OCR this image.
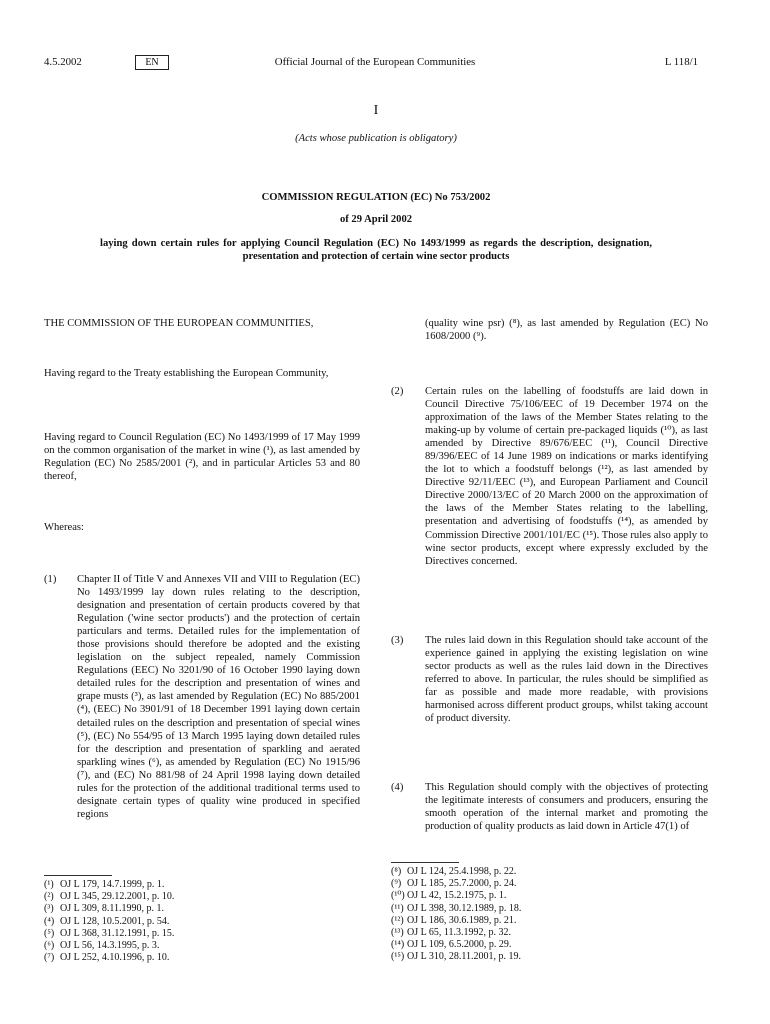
4.5.2002	EN	Official Journal of the European Communities	L 118/1
I
(Acts whose publication is obligatory)
COMMISSION REGULATION (EC) No 753/2002
of 29 April 2002
laying down certain rules for applying Council Regulation (EC) No 1493/1999 as regards the description, designation, presentation and protection of certain wine sector products
THE COMMISSION OF THE EUROPEAN COMMUNITIES,
Having regard to the Treaty establishing the European Community,
Having regard to Council Regulation (EC) No 1493/1999 of 17 May 1999 on the common organisation of the market in wine (¹), as last amended by Regulation (EC) No 2585/2001 (²), and in particular Articles 53 and 80 thereof,
Whereas:
(1) Chapter II of Title V and Annexes VII and VIII to Regulation (EC) No 1493/1999 lay down rules relating to the description, designation and presentation of certain products covered by that Regulation ('wine sector products') and the protection of certain particulars and terms. Detailed rules for the implementation of those provisions should therefore be adopted and the existing legislation on the subject repealed, namely Commission Regulations (EEC) No 3201/90 of 16 October 1990 laying down detailed rules for the description and presentation of wines and grape musts (³), as last amended by Regulation (EC) No 885/2001 (⁴), (EEC) No 3901/91 of 18 December 1991 laying down certain detailed rules on the description and presentation of special wines (⁵), (EC) No 554/95 of 13 March 1995 laying down detailed rules for the description and presentation of sparkling and aerated sparkling wines (⁶), as amended by Regulation (EC) No 1915/96 (⁷), and (EC) No 881/98 of 24 April 1998 laying down detailed rules for the protection of the additional traditional terms used to designate certain types of quality wine produced in specified regions
(quality wine psr) (⁸), as last amended by Regulation (EC) No 1608/2000 (⁹).
(2) Certain rules on the labelling of foodstuffs are laid down in Council Directive 75/106/EEC of 19 December 1974 on the approximation of the laws of the Member States relating to the making-up by volume of certain pre-packaged liquids (¹⁰), as last amended by Directive 89/676/EEC (¹¹), Council Directive 89/396/EEC of 14 June 1989 on indications or marks identifying the lot to which a foodstuff belongs (¹²), as last amended by Directive 92/11/EEC (¹³), and European Parliament and Council Directive 2000/13/EC of 20 March 2000 on the approximation of the laws of the Member States relating to the labelling, presentation and advertising of foodstuffs (¹⁴), as amended by Commission Directive 2001/101/EC (¹⁵). Those rules also apply to wine sector products, except where expressly excluded by the Directives concerned.
(3) The rules laid down in this Regulation should take account of the experience gained in applying the existing legislation on wine sector products as well as the rules laid down in the Directives referred to above. In particular, the rules should be simplified as far as possible and made more readable, with provisions harmonised across different product groups, whilst taking account of product diversity.
(4) This Regulation should comply with the objectives of protecting the legitimate interests of consumers and producers, ensuring the smooth operation of the internal market and promoting the production of quality products as laid down in Article 47(1) of
(¹) OJ L 179, 14.7.1999, p. 1.
(²) OJ L 345, 29.12.2001, p. 10.
(³) OJ L 309, 8.11.1990, p. 1.
(⁴) OJ L 128, 10.5.2001, p. 54.
(⁵) OJ L 368, 31.12.1991, p. 15.
(⁶) OJ L 56, 14.3.1995, p. 3.
(⁷) OJ L 252, 4.10.1996, p. 10.
(⁸) OJ L 124, 25.4.1998, p. 22.
(⁹) OJ L 185, 25.7.2000, p. 24.
(¹⁰) OJ L 42, 15.2.1975, p. 1.
(¹¹) OJ L 398, 30.12.1989, p. 18.
(¹²) OJ L 186, 30.6.1989, p. 21.
(¹³) OJ L 65, 11.3.1992, p. 32.
(¹⁴) OJ L 109, 6.5.2000, p. 29.
(¹⁵) OJ L 310, 28.11.2001, p. 19.
